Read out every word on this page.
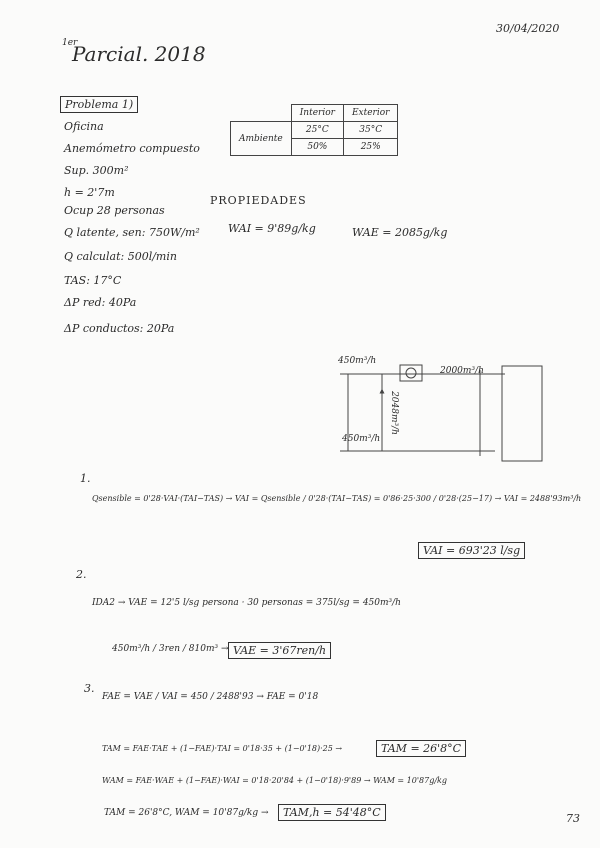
30/04/2020
1er
Parcial. 2018
Problema 1)
Oficina
Anemómetro compuesto
Sup. 300m²
h = 2'7m
Ocup 28 personas
Q latente, sen: 750W/m²
Q calculat: 500l/min
TAS: 17°C
ΔP red: 40Pa
ΔP conductos: 20Pa
	Interior	Exterior
Ambiente	25°C	35°C
	50%	25%
PROPIEDADES
WAI = 9'89g/kg	WAE = 2085g/kg
450m³/h
2000m³/h
2048m³/h
450m³/h
1.
Qsensible = 0'28·VAI·(TAI−TAS) → VAI = Qsensible / 0'28·(TAI−TAS) = 0'86·25·300 / 0'28·(25−17) → VAI = 2488'93m³/h
VAI = 693'23 l/sg
2.
IDA2 → VAE = 12'5 l/sg persona · 30 personas = 375l/sg = 450m³/h
450m³/h / 3ren / 810m³ → VAE = 3'67ren/h
3.
FAE = VAE / VAI = 450 / 2488'93 → FAE = 0'18
TAM = FAE·TAE + (1−FAE)·TAI = 0'18·35 + (1−0'18)·25 →	TAM = 26'8°C
WAM = FAE·WAE + (1−FAE)·WAI = 0'18·20'84 + (1−0'18)·9'89 → WAM = 10'87g/kg
TAM = 26'8°C, WAM = 10'87g/kg →	TAM,h = 54'48°C	73
